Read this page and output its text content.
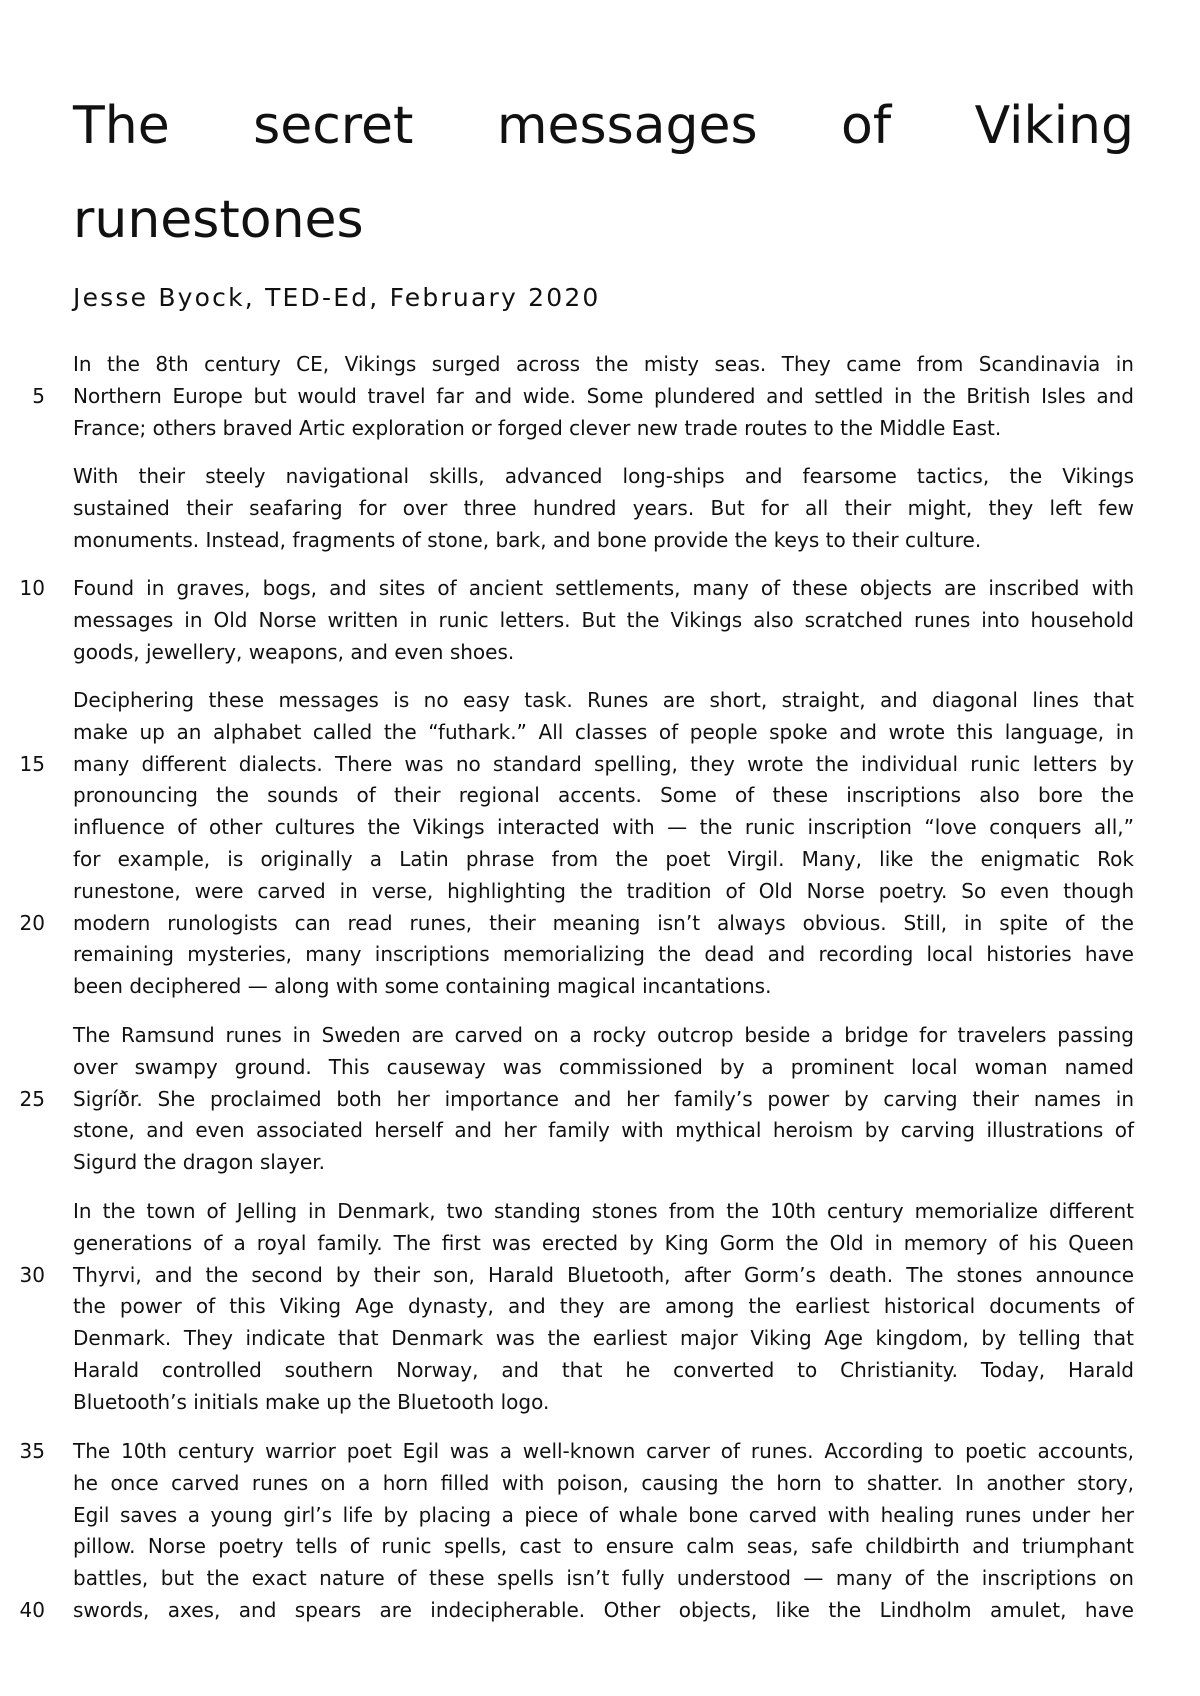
The secret messages of Viking
runestones

Jesse Byock, TED-Ed, February 2020

In the 8th century CE, Vikings surged across the misty seas. They came from Scandinavia in
Northern Europe but would travel far and wide. Some plundered and settled in the British Isles and
France; others braved Artic exploration or forged clever new trade routes to the Middle East.
With their steely navigational skills, advanced long-ships and fearsome tactics, the Vikings
sustained their seafaring for over three hundred years. But for all their might, they left few
monuments. Instead, fragments of stone, bark, and bone provide the keys to their culture.
Found in graves, bogs, and sites of ancient settlements, many of these objects are inscribed with
messages in Old Norse written in runic letters. But the Vikings also scratched runes into household
goods, jewellery, weapons, and even shoes.
Deciphering these messages is no easy task. Runes are short, straight, and diagonal lines that
make up an alphabet called the “futhark.” All classes of people spoke and wrote this language, in
many different dialects. There was no standard spelling, they wrote the individual runic letters by
pronouncing the sounds of their regional accents. Some of these inscriptions also bore the
influence of other cultures the Vikings interacted with — the runic inscription “love conquers all,”
for example, is originally a Latin phrase from the poet Virgil. Many, like the enigmatic Rok
runestone, were carved in verse, highlighting the tradition of Old Norse poetry. So even though
modern runologists can read runes, their meaning isn’t always obvious. Still, in spite of the
remaining mysteries, many inscriptions memorializing the dead and recording local histories have
been deciphered — along with some containing magical incantations.
The Ramsund runes in Sweden are carved on a rocky outcrop beside a bridge for travelers passing
over swampy ground. This causeway was commissioned by a prominent local woman named
Sigríðr. She proclaimed both her importance and her family’s power by carving their names in
stone, and even associated herself and her family with mythical heroism by carving illustrations of
Sigurd the dragon slayer.
In the town of Jelling in Denmark, two standing stones from the 10th century memorialize different
generations of a royal family. The first was erected by King Gorm the Old in memory of his Queen
Thyrvi, and the second by their son, Harald Bluetooth, after Gorm’s death. The stones announce
the power of this Viking Age dynasty, and they are among the earliest historical documents of
Denmark. They indicate that Denmark was the earliest major Viking Age kingdom, by telling that
Harald controlled southern Norway, and that he converted to Christianity. Today, Harald
Bluetooth’s initials make up the Bluetooth logo.
The 10th century warrior poet Egil was a well-known carver of runes. According to poetic accounts,
he once carved runes on a horn filled with poison, causing the horn to shatter. In another story,
Egil saves a young girl’s life by placing a piece of whale bone carved with healing runes under her
pillow. Norse poetry tells of runic spells, cast to ensure calm seas, safe childbirth and triumphant
battles, but the exact nature of these spells isn’t fully understood — many of the inscriptions on
swords, axes, and spears are indecipherable. Other objects, like the Lindholm amulet, have
5
10
15
20
25
30
35
40
